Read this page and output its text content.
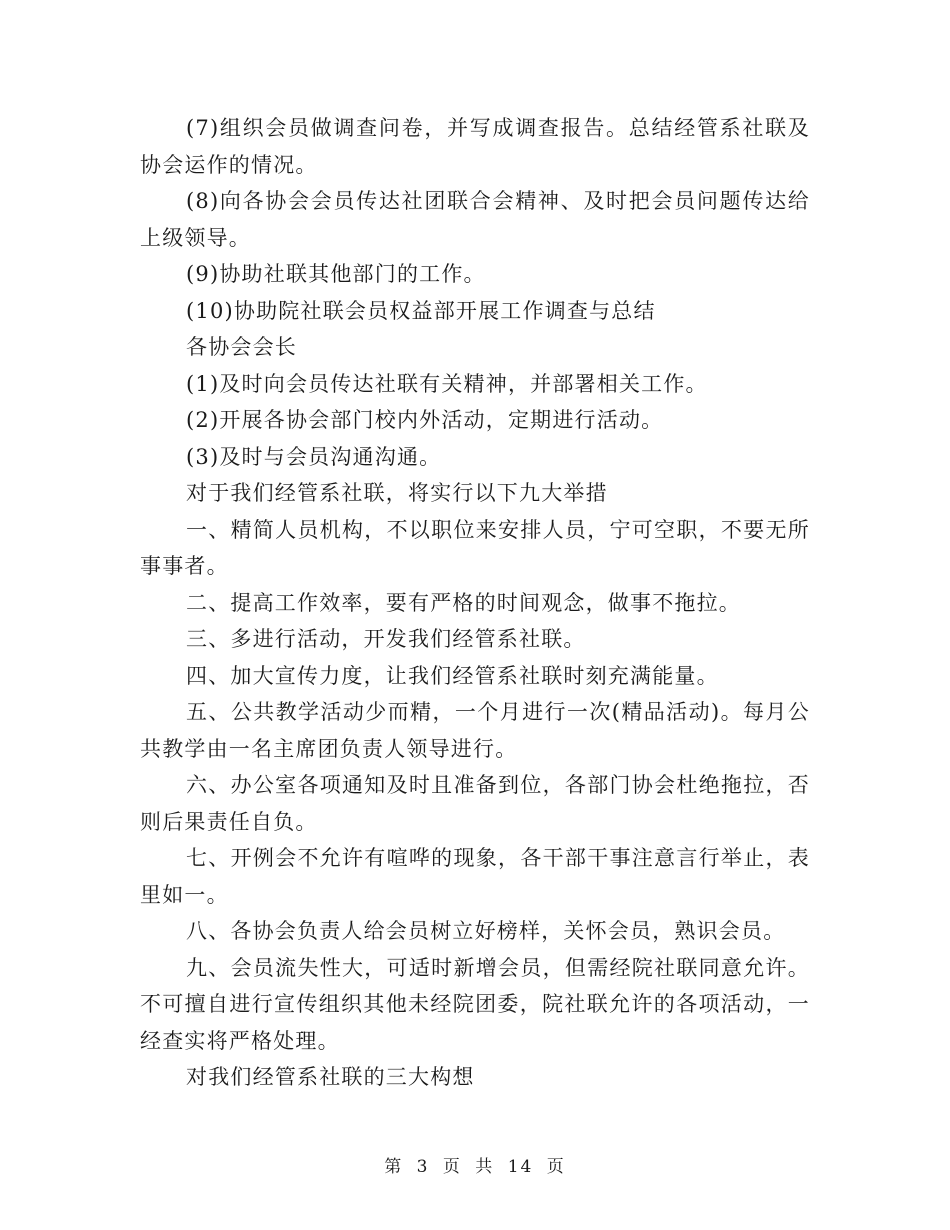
(7)组织会员做调查问卷，并写成调查报告。总结经管系社联及协会运作的情况。

(8)向各协会会员传达社团联合会精神、及时把会员问题传达给上级领导。

(9)协助社联其他部门的工作。

(10)协助院社联会员权益部开展工作调查与总结

各协会会长

(1)及时向会员传达社联有关精神，并部署相关工作。

(2)开展各协会部门校内外活动，定期进行活动。

(3)及时与会员沟通沟通。

对于我们经管系社联，将实行以下九大举措

一、精简人员机构，不以职位来安排人员，宁可空职，不要无所事事者。

二、提高工作效率，要有严格的时间观念，做事不拖拉。

三、多进行活动，开发我们经管系社联。

四、加大宣传力度，让我们经管系社联时刻充满能量。

五、公共教学活动少而精，一个月进行一次(精品活动)。每月公共教学由一名主席团负责人领导进行。

六、办公室各项通知及时且准备到位，各部门协会杜绝拖拉，否则后果责任自负。

七、开例会不允许有喧哗的现象，各干部干事注意言行举止，表里如一。

八、各协会负责人给会员树立好榜样，关怀会员，熟识会员。

九、会员流失性大，可适时新增会员，但需经院社联同意允许。不可擅自进行宣传组织其他未经院团委，院社联允许的各项活动，一经查实将严格处理。

对我们经管系社联的三大构想

第 3 页 共 14 页
